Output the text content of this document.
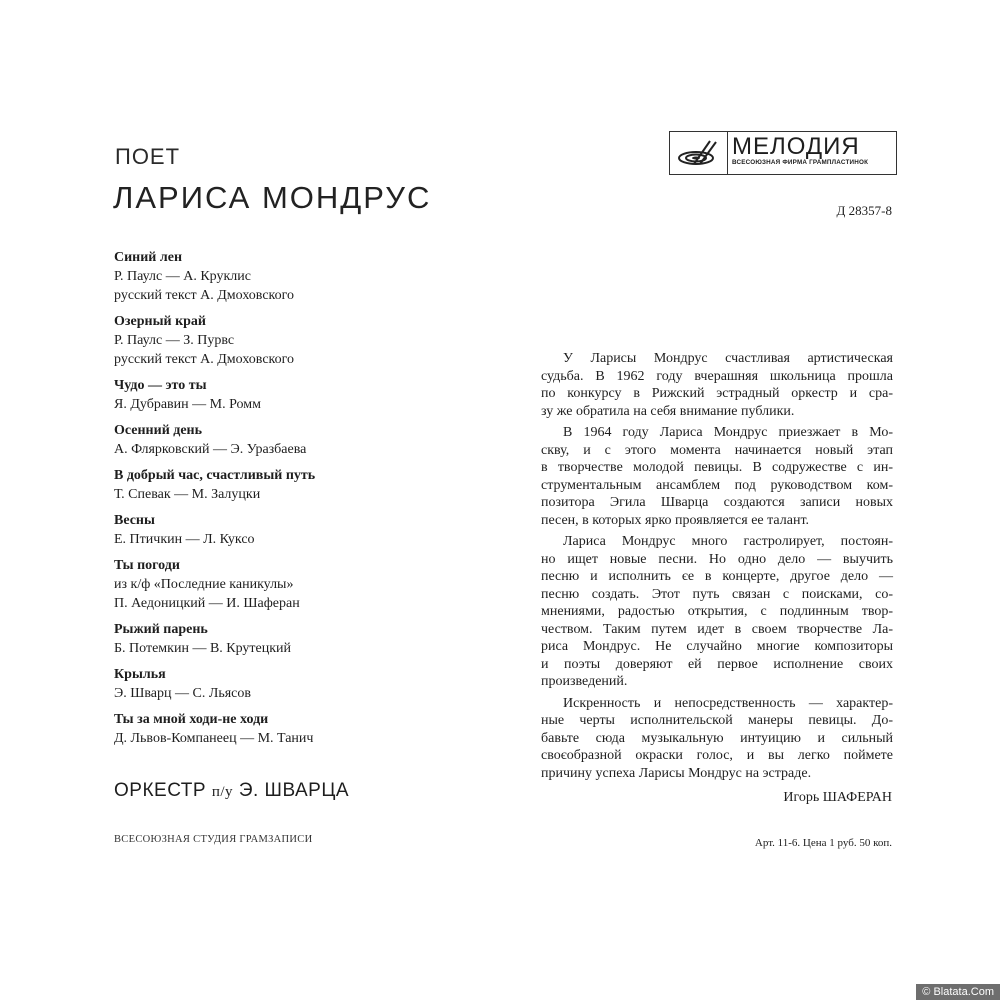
ПОЕТ
ЛАРИСА МОНДРУС
МЕЛОДИЯ
ВСЕСОЮЗНАЯ ФИРМА ГРАМПЛАСТИНОК
Д 28357-8
Синий лен
Р. Паулс — А. Круклис
русский текст А. Дмоховского
Озерный край
Р. Паулс — З. Пурвс
русский текст А. Дмоховского
Чудо — это ты
Я. Дубравин — М. Ромм
Осенний день
А. Флярковский — Э. Уразбаева
В добрый час, счастливый путь
Т. Спевак — М. Залуцки
Весны
Е. Птичкин — Л. Куксо
Ты погоди
из к/ф «Последние каникулы»
П. Аедоницкий — И. Шаферан
Рыжий парень
Б. Потемкин — В. Крутецкий
Крылья
Э. Шварц — С. Льясов
Ты за мной ходи-не ходи
Д. Львов-Компанеец — М. Танич
ОРКЕСТР п/у Э. ШВАРЦА
ВСЕСОЮЗНАЯ СТУДИЯ ГРАМЗАПИСИ
У Ларисы Мондрус счастливая артистическая
судьба. В 1962 году вчерашняя школьница прошла
по конкурсу в Рижский эстрадный оркестр и сра-
зу же обратила на себя внимание публики.
В 1964 году Лариса Мондрус приезжает в Мо-
скву, и с этого момента начинается новый этап
в творчестве молодой певицы. В содружестве с ин-
струментальным ансамблем под руководством ком-
позитора Эгила Шварца создаются записи новых
песен, в которых ярко проявляется ее талант.
Лариса Мондрус много гастролирует, постоян-
но ищет новые песни. Но одно дело — выучить
песню и исполнить єе в концерте, другое дело —
песню создать. Этот путь связан с поисками, со-
мнениями, радостью открытия, с подлинным твор-
чеством. Таким путем идет в своем творчестве Ла-
риса Мондрус. Не случайно многие композиторы
и поэты доверяют ей первое исполнение своих
произведений.
Искренность и непосредственность — характер-
ные черты исполнительской манеры певицы. До-
бавьте сюда музыкальную интуицию и сильный
своєобразной окраски голос, и вы легко поймете
причину успеха Ларисы Мондрус на эстраде.
Игорь ШАФЕРАН
Арт. 11-6. Цена 1 руб. 50 коп.
© Blatata.Com
